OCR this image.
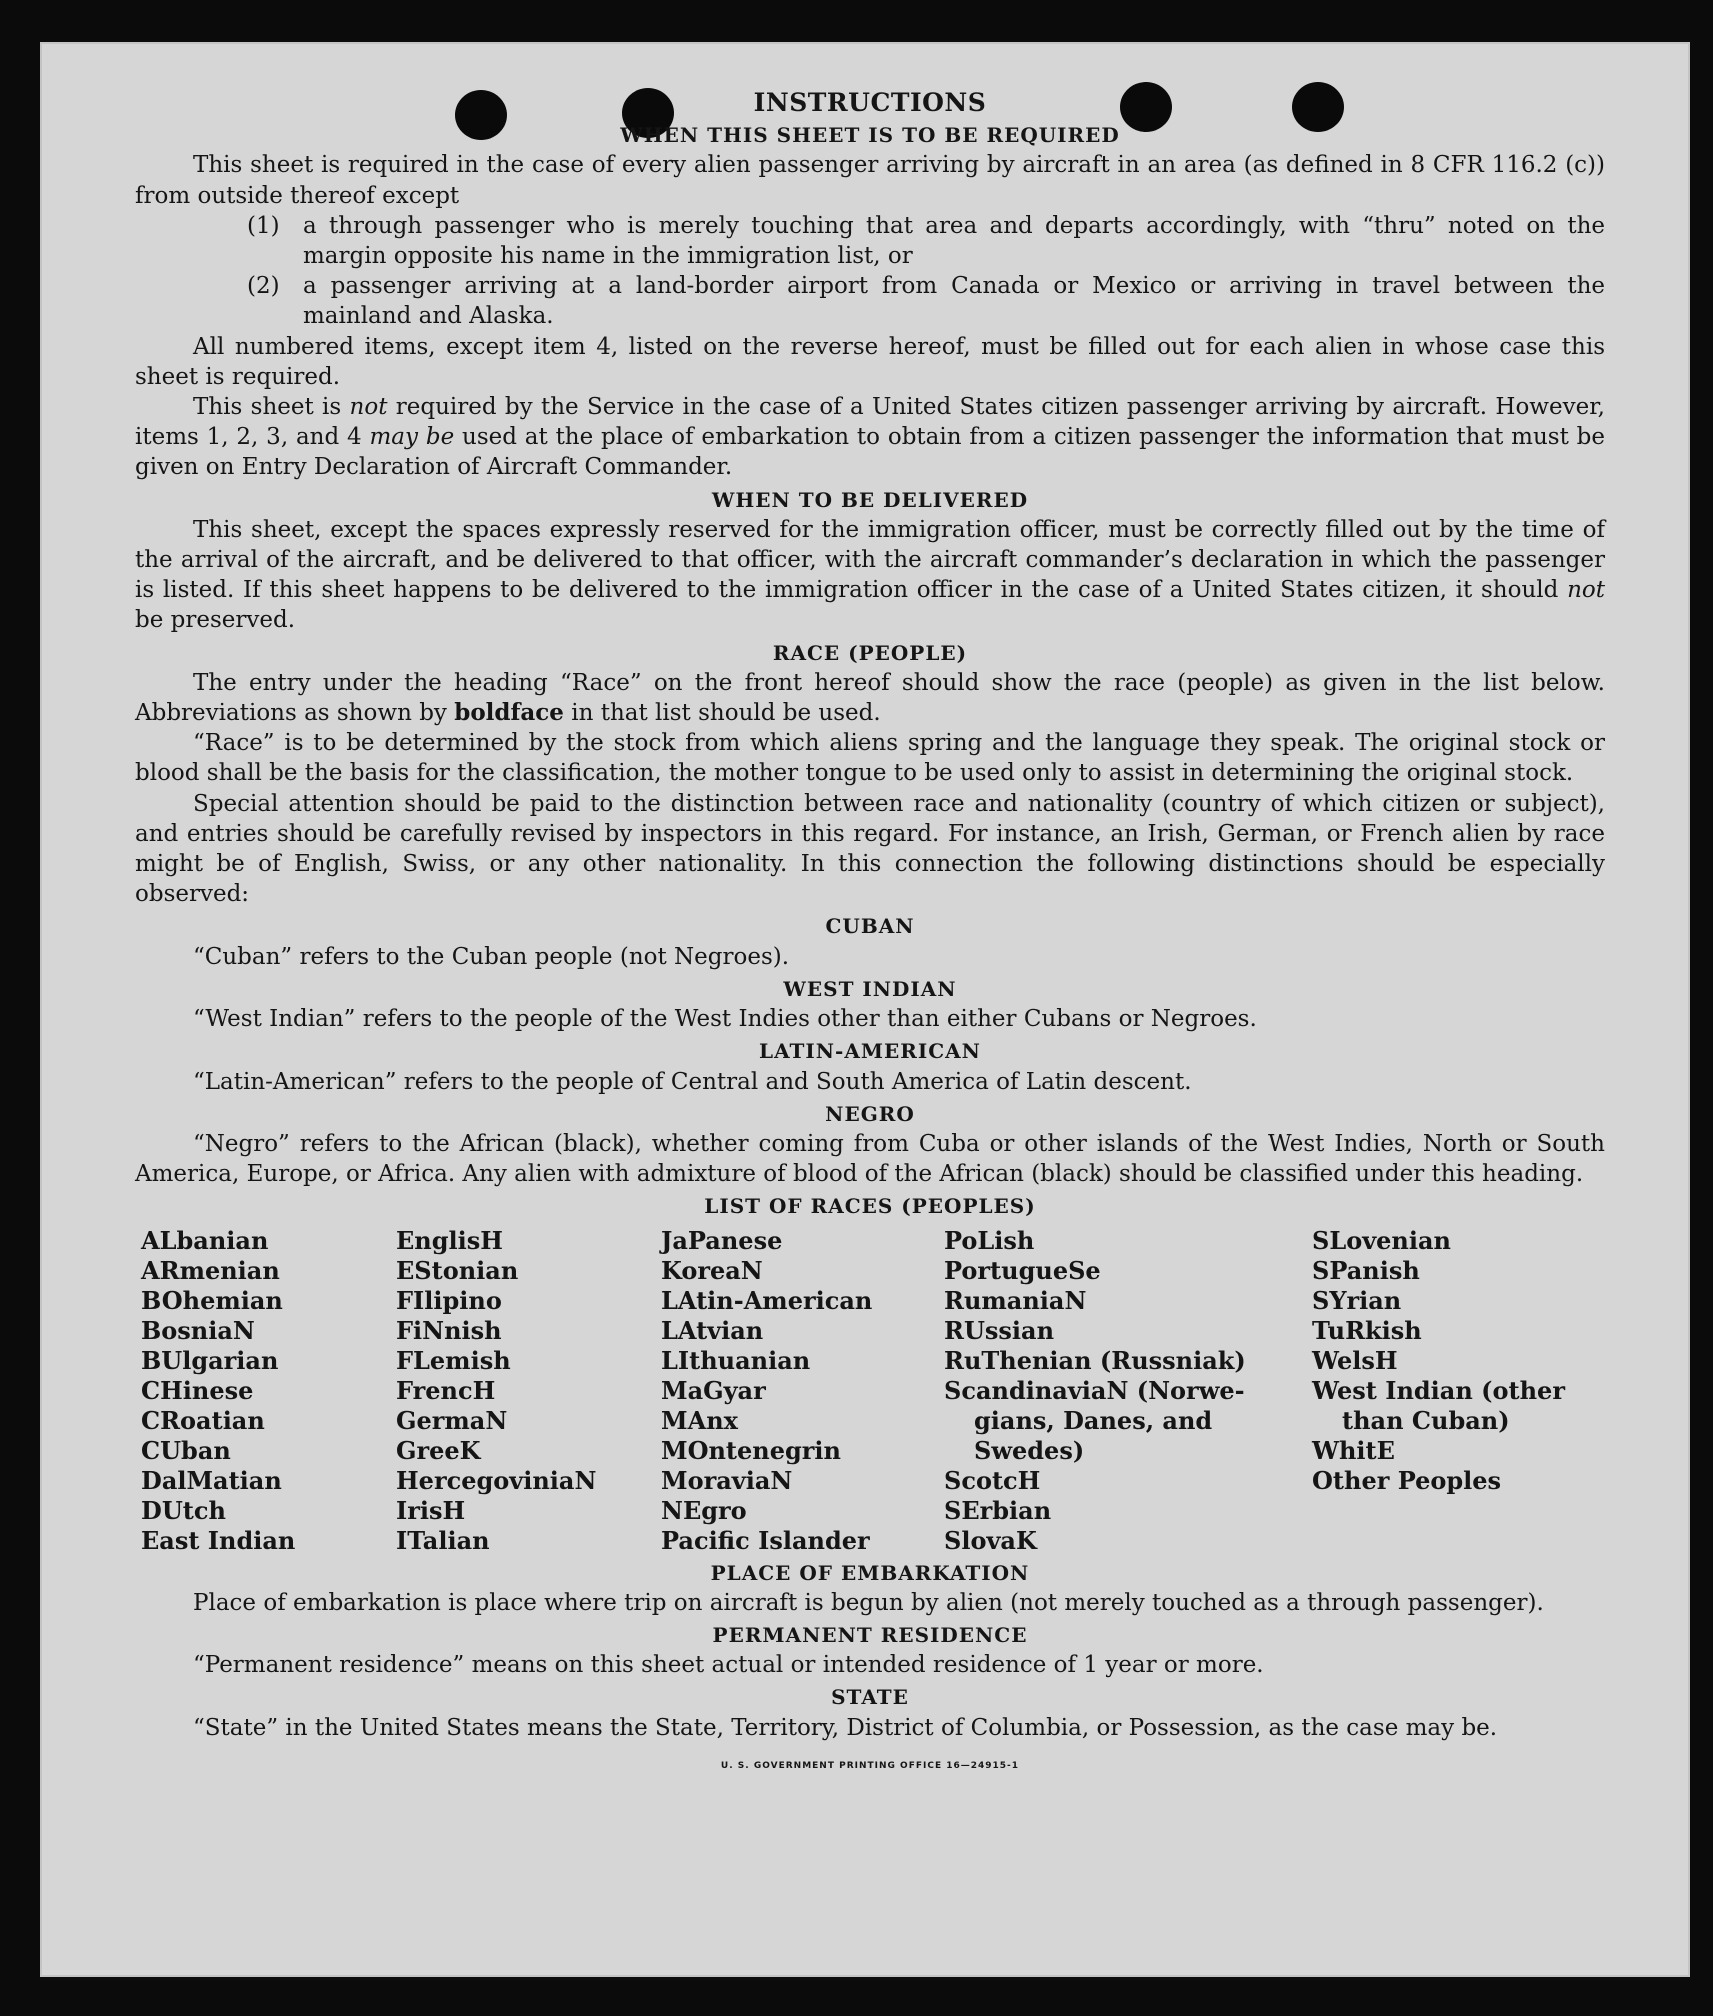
INSTRUCTIONS

WHEN THIS SHEET IS TO BE REQUIRED

This sheet is required in the case of every alien passenger arriving by aircraft in an area (as defined in 8 CFR 116.2 (c)) from outside thereof except

(1)	a through passenger who is merely touching that area and departs accordingly, with “thru” noted on the margin opposite his name in the immigration list, or
(2)	a passenger arriving at a land-border airport from Canada or Mexico or arriving in travel between the mainland and Alaska.

All numbered items, except item 4, listed on the reverse hereof, must be filled out for each alien in whose case this sheet is required.

This sheet is not required by the Service in the case of a United States citizen passenger arriving by aircraft. However, items 1, 2, 3, and 4 may be used at the place of embarkation to obtain from a citizen passenger the information that must be given on Entry Declaration of Aircraft Commander.

WHEN TO BE DELIVERED

This sheet, except the spaces expressly reserved for the immigration officer, must be correctly filled out by the time of the arrival of the aircraft, and be delivered to that officer, with the aircraft commander’s declaration in which the passenger is listed. If this sheet happens to be delivered to the immigration officer in the case of a United States citizen, it should not be preserved.

RACE (PEOPLE)

The entry under the heading “Race” on the front hereof should show the race (people) as given in the list below. Abbreviations as shown by boldface in that list should be used.

“Race” is to be determined by the stock from which aliens spring and the language they speak. The original stock or blood shall be the basis for the classification, the mother tongue to be used only to assist in determining the original stock.

Special attention should be paid to the distinction between race and nationality (country of which citizen or subject), and entries should be carefully revised by inspectors in this regard. For instance, an Irish, German, or French alien by race might be of English, Swiss, or any other nationality. In this connection the following distinctions should be especially observed:

CUBAN

“Cuban” refers to the Cuban people (not Negroes).

WEST INDIAN

“West Indian” refers to the people of the West Indies other than either Cubans or Negroes.

LATIN-AMERICAN

“Latin-American” refers to the people of Central and South America of Latin descent.

NEGRO

“Negro” refers to the African (black), whether coming from Cuba or other islands of the West Indies, North or South America, Europe, or Africa. Any alien with admixture of blood of the African (black) should be classified under this heading.

LIST OF RACES (PEOPLES)

ALbanian
ARmenian
BOhemian
BosniaN
BUlgarian
CHinese
CRoatian
CUban
DalMatian
DUtch
East Indian
EnglisH
EStonian
FIlipino
FiNnish
FLemish
FrencH
GermaN
GreeK
HercegoviniaN
IrisH
ITalian
JaPanese
KoreaN
LAtin-American
LAtvian
LIthuanian
MaGyar
MAnx
MOntenegrin
MoraviaN
NEgro
Pacific Islander
PoLish
PortugueSe
RumaniaN
RUssian
RuThenian (Russniak)
ScandinaviaN (Norwe-
gians, Danes, and
Swedes)
ScotcH
SErbian
SlovaK
SLovenian
SPanish
SYrian
TuRkish
WelsH
West Indian (other
than Cuban)
WhitE
Other Peoples

PLACE OF EMBARKATION

Place of embarkation is place where trip on aircraft is begun by alien (not merely touched as a through passenger).

PERMANENT RESIDENCE

“Permanent residence” means on this sheet actual or intended residence of 1 year or more.

STATE

“State” in the United States means the State, Territory, District of Columbia, or Possession, as the case may be.

U. S. GOVERNMENT PRINTING OFFICE 16—24915-1
